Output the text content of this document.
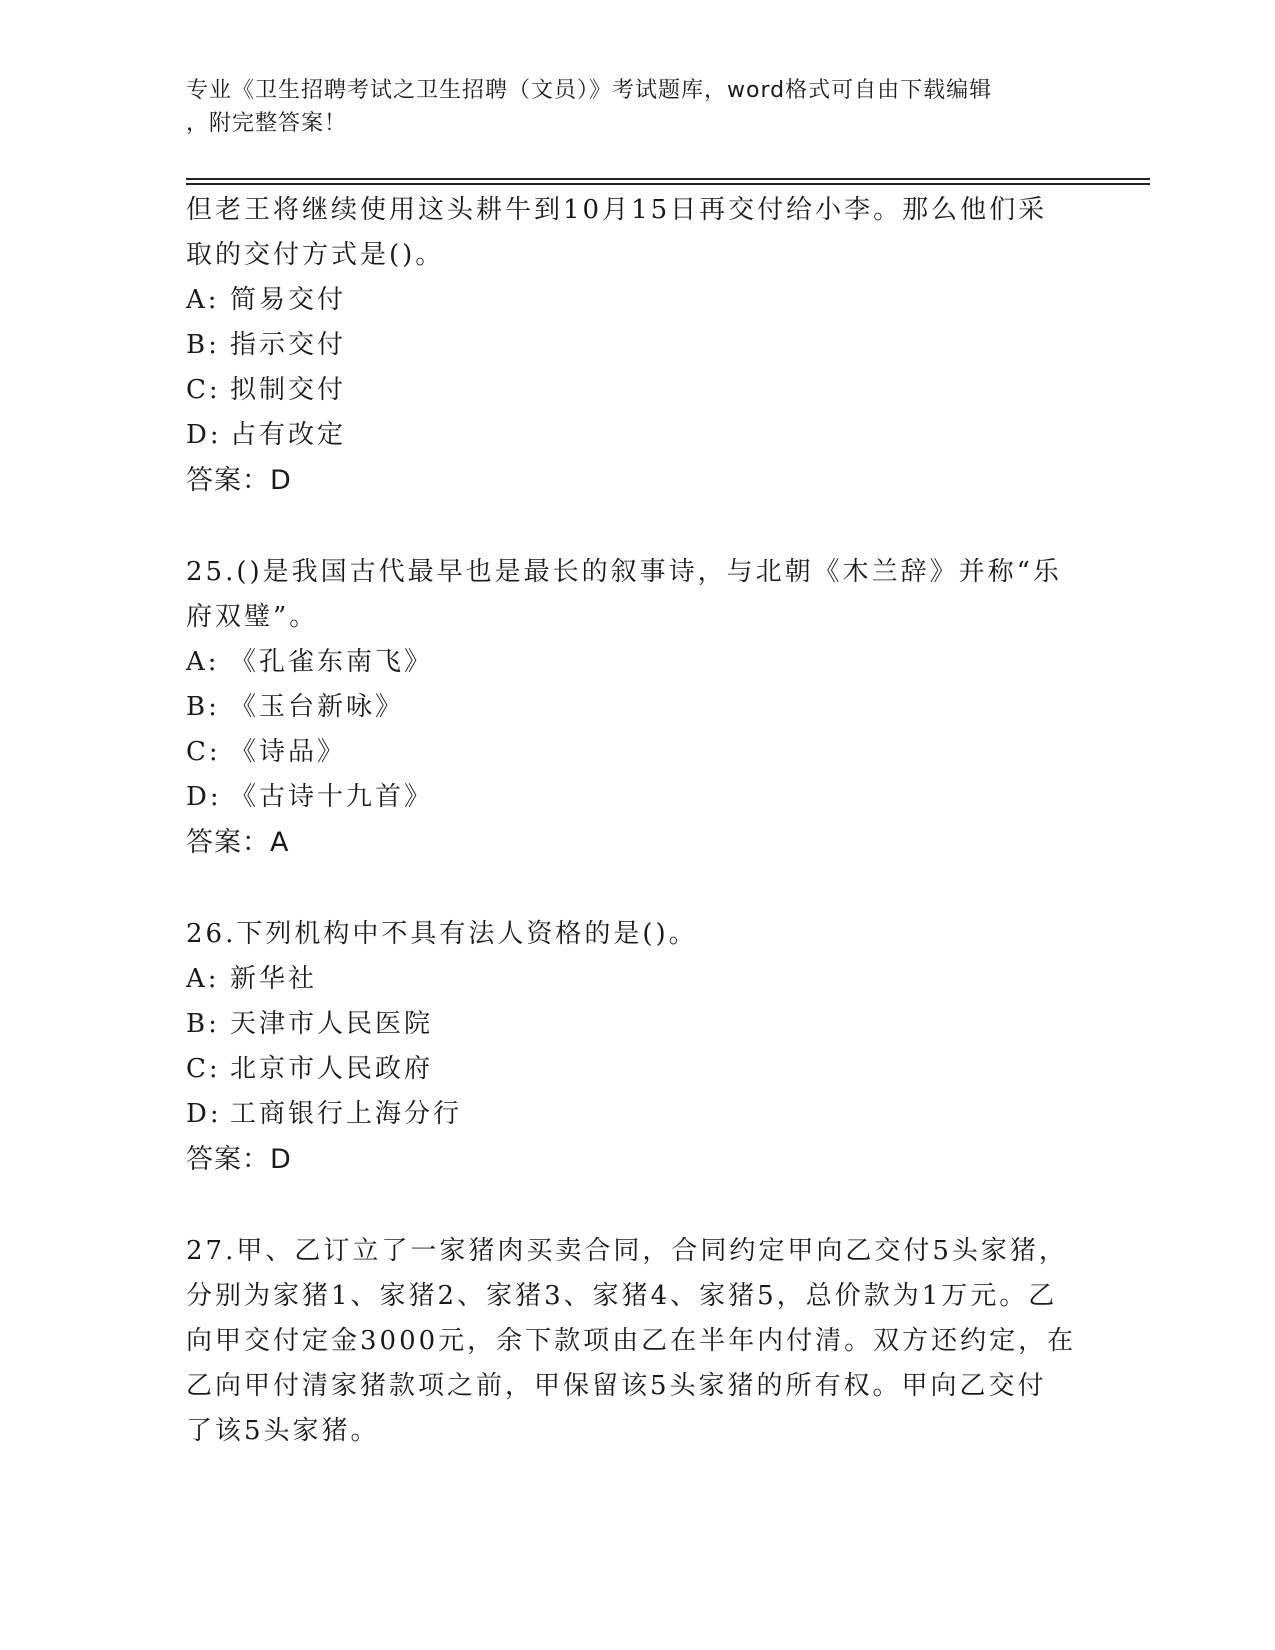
专业《卫生招聘考试之卫生招聘（文员）》考试题库，word格式可自由下载编辑
，附完整答案！

但老王将继续使用这头耕牛到10月15日再交付给小李。那么他们采

取的交付方式是()。

A: 简易交付

B: 指示交付

C: 拟制交付

D: 占有改定

答案：D

25.()是我国古代最早也是最长的叙事诗，与北朝《木兰辞》并称“乐

府双璧”。

A: 《孔雀东南飞》

B: 《玉台新咏》

C: 《诗品》

D: 《古诗十九首》

答案：A

26.下列机构中不具有法人资格的是()。

A: 新华社

B: 天津市人民医院

C: 北京市人民政府

D: 工商银行上海分行

答案：D

27.甲、乙订立了一家猪肉买卖合同，合同约定甲向乙交付5头家猪，

分别为家猪1、家猪2、家猪3、家猪4、家猪5，总价款为1万元。乙

向甲交付定金3000元，余下款项由乙在半年内付清。双方还约定，在

乙向甲付清家猪款项之前，甲保留该5头家猪的所有权。甲向乙交付

了该5头家猪。
